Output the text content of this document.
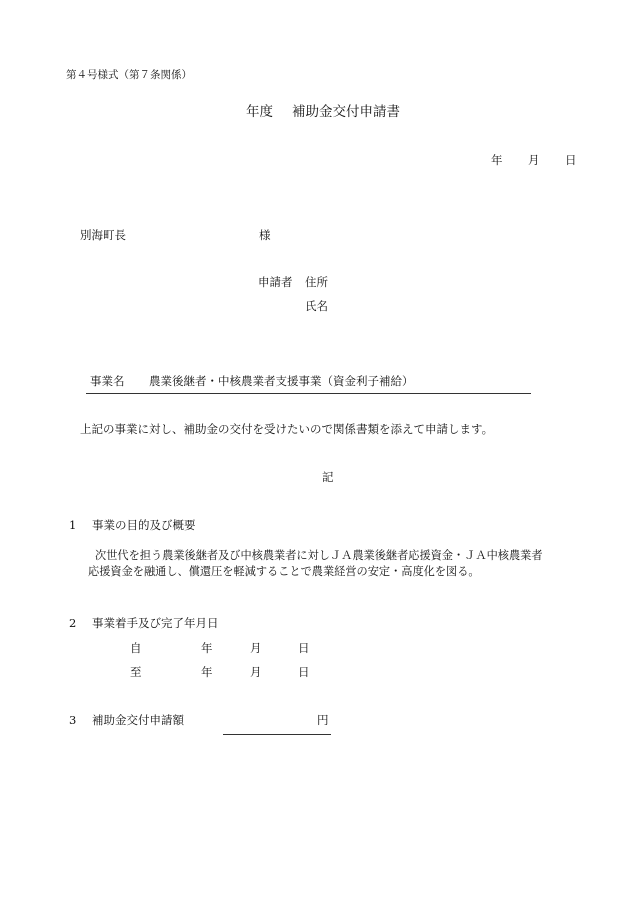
第４号様式（第７条関係）
年度 補助金交付申請書
年 月 日
別海町長	様
申請者 住所
氏名
事業名 農業後継者・中核農業者支援事業（資金利子補給）
上記の事業に対し、補助金の交付を受けたいので関係書類を添えて申請します。
記
1 事業の目的及び概要
次世代を担う農業後継者及び中核農業者に対しＪＡ農業後継者応援資金・ＪＡ中核農業者
応援資金を融通し、償還圧を軽減することで農業経営の安定・高度化を図る。
2 事業着手及び完了年月日
自	年	月	日
至	年	月	日
3 補助金交付申請額	円
